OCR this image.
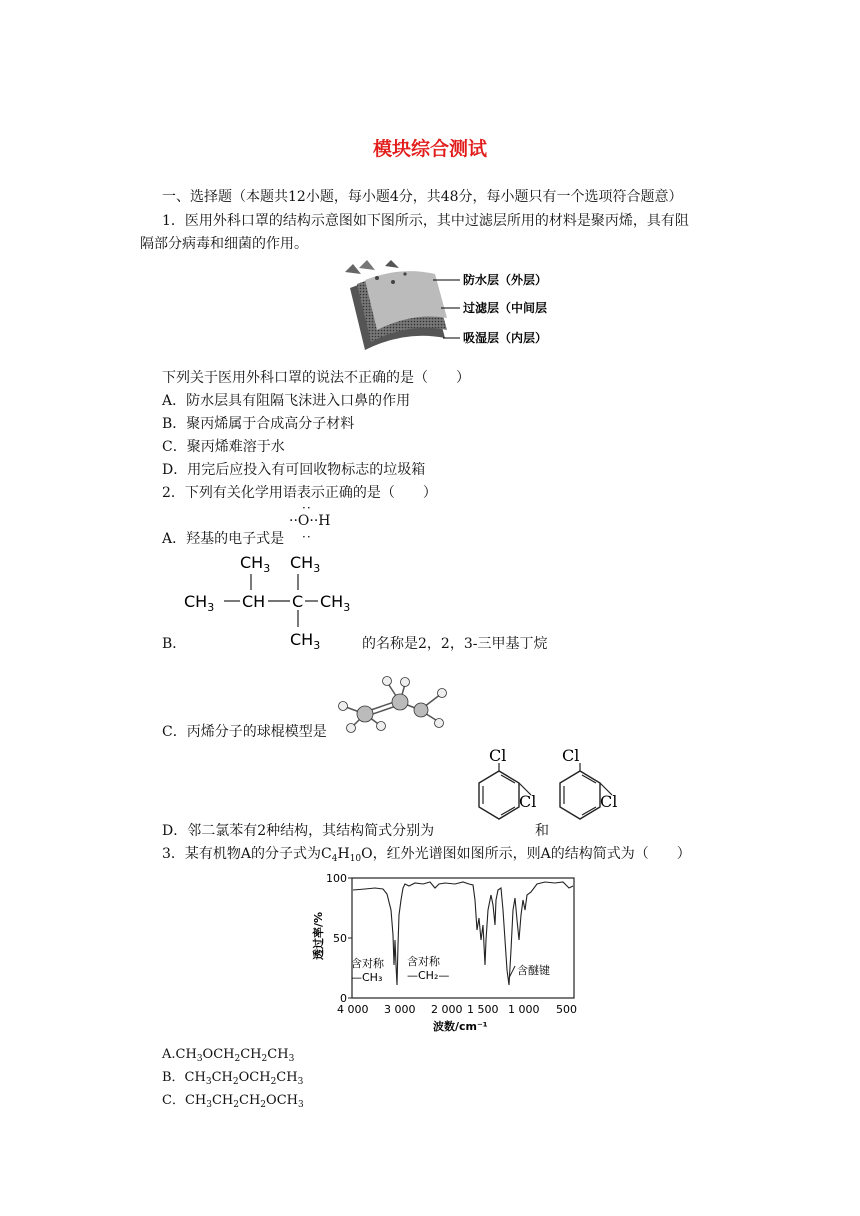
模块综合测试
一、选择题（本题共12小题，每小题4分，共48分，每小题只有一个选项符合题意）
1．医用外科口罩的结构示意图如下图所示，其中过滤层所用的材料是聚丙烯，具有阻
隔部分病毒和细菌的作用。
防水层（外层）
过滤层（中间层
吸湿层（内层）
下列关于医用外科口罩的说法不正确的是（　　）
A．防水层具有阻隔飞沫进入口鼻的作用
B．聚丙烯属于合成高分子材料
C．聚丙烯难溶于水
D．用完后应投入有可回收物标志的垃圾箱
2．下列有关化学用语表示正确的是（　　）
A．羟基的电子式是
··O··H
··
··
$CH_3$ $CH_3$
$CH_3$ CH C $CH_3$
$CH_3$
B．	的名称是2，2，3-三甲基丁烷
C．丙烯分子的球棍模型是
D．邻二氯苯有2种结构，其结构简式分别为	和
Cl
Cl
Cl
Cl
3．某有机物A的分子式为$C_4H_{10}O$，红外光谱图如图所示，则A的结构简式为（　　）
100
50
0
透过率/%
4 000 3 000 2 000 1 500 1 000 500
波数/cm⁻¹
含对称—CH₃
含对称—CH₂—	含醚键
$A.CH_3OCH_2CH_2CH_3$
B．$CH_3CH_2OCH_2CH_3$
C．$CH_3CH_2CH_2OCH_3$
